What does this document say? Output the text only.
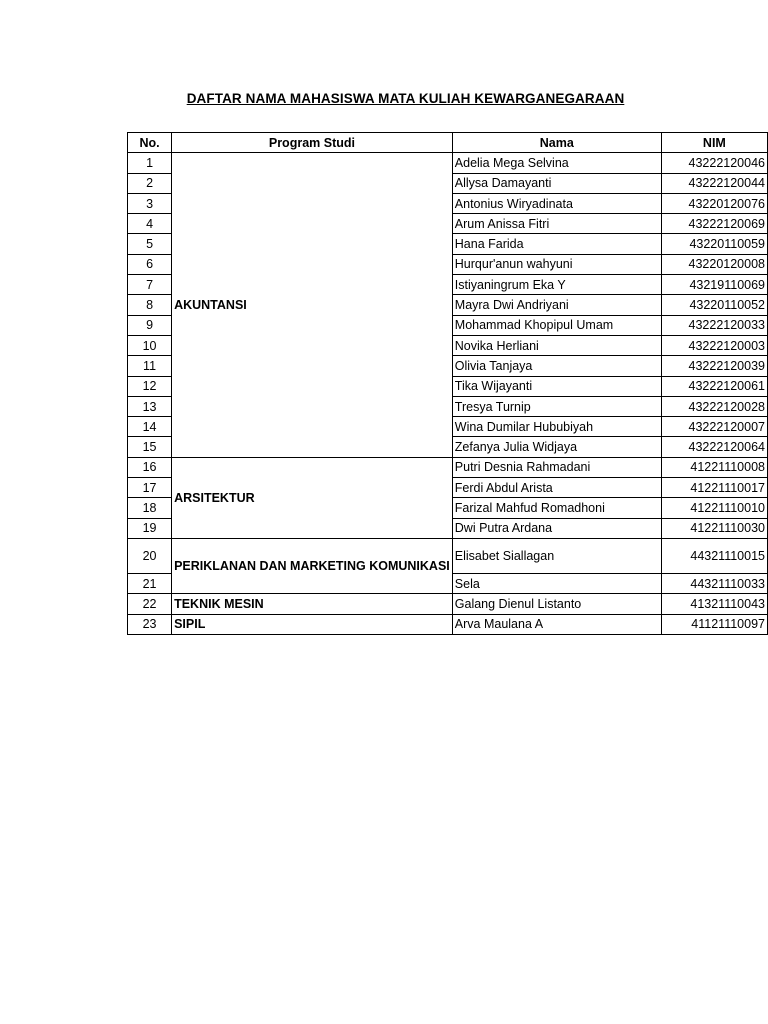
DAFTAR NAMA MAHASISWA MATA KULIAH KEWARGANEGARAAN
No.	Program Studi	Nama	NIM
1	AKUNTANSI	Adelia Mega Selvina	43222120046
2		Allysa Damayanti	43222120044
3		Antonius Wiryadinata	43220120076
4		Arum Anissa Fitri	43222120069
5		Hana Farida	43220110059
6		Hurqur'anun wahyuni	43220120008
7		Istiyaningrum Eka Y	43219110069
8		Mayra Dwi Andriyani	43220110052
9		Mohammad Khopipul Umam	43222120033
10		Novika Herliani	43222120003
11		Olivia Tanjaya	43222120039
12		Tika Wijayanti	43222120061
13		Tresya Turnip	43222120028
14		Wina Dumilar Hububiyah	43222120007
15		Zefanya Julia Widjaya	43222120064
16	ARSITEKTUR	Putri Desnia Rahmadani	41221110008
17		Ferdi Abdul Arista	41221110017
18		Farizal Mahfud Romadhoni	41221110010
19		Dwi Putra Ardana	41221110030
20	PERIKLANAN DAN MARKETING KOMUNIKASI	Elisabet Siallagan	44321110015
21		Sela	44321110033
22	TEKNIK MESIN	Galang Dienul Listanto	41321110043
23	SIPIL	Arva Maulana A	41121110097
